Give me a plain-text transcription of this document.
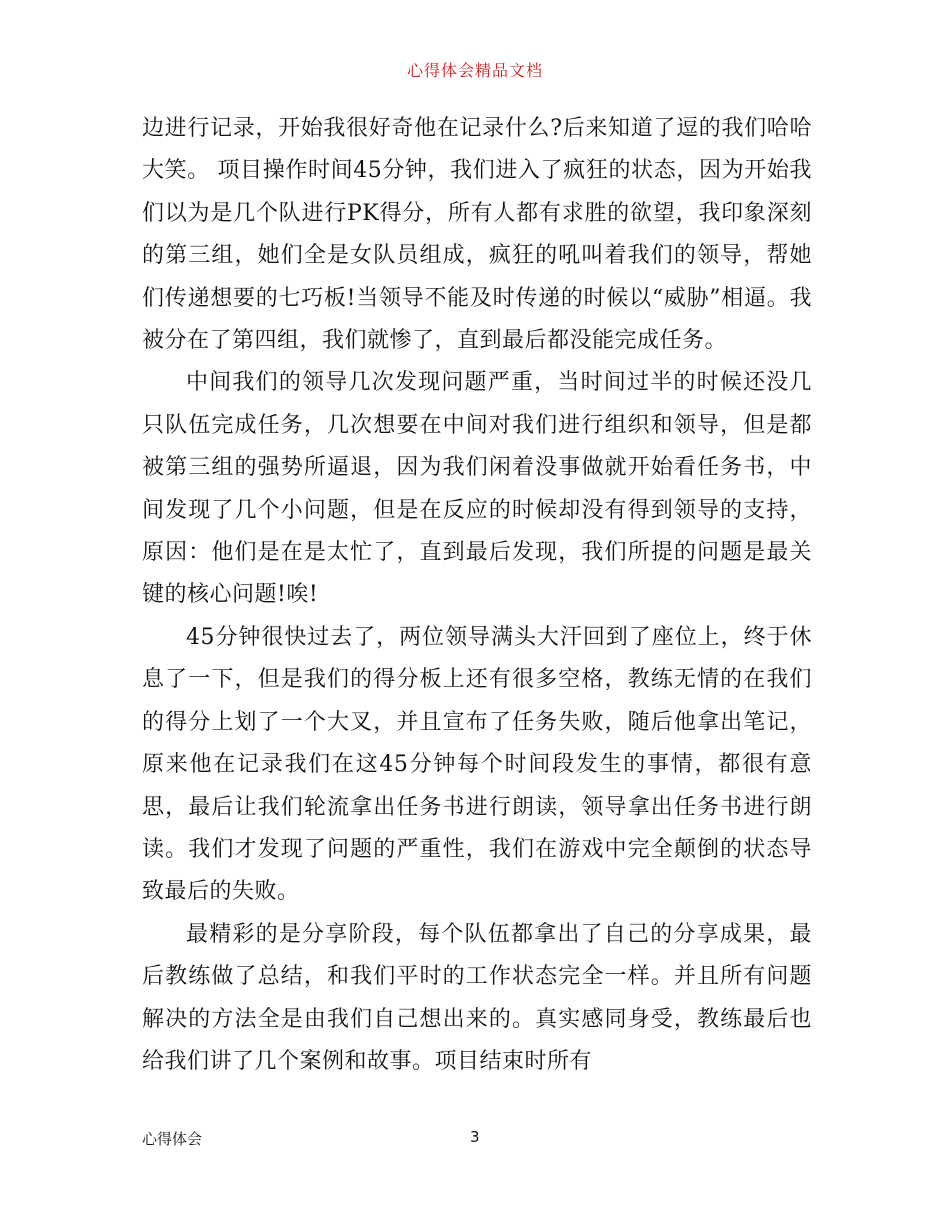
心得体会精品文档

边进行记录，开始我很好奇他在记录什么?后来知道了逗的我们哈哈大笑。 项目操作时间45分钟，我们进入了疯狂的状态，因为开始我们以为是几个队进行PK得分，所有人都有求胜的欲望，我印象深刻的第三组，她们全是女队员组成，疯狂的吼叫着我们的领导，帮她们传递想要的七巧板!当领导不能及时传递的时候以“威胁”相逼。我被分在了第四组，我们就惨了，直到最后都没能完成任务。

中间我们的领导几次发现问题严重，当时间过半的时候还没几只队伍完成任务，几次想要在中间对我们进行组织和领导，但是都被第三组的强势所逼退，因为我们闲着没事做就开始看任务书，中间发现了几个小问题，但是在反应的时候却没有得到领导的支持，原因：他们是在是太忙了，直到最后发现，我们所提的问题是最关键的核心问题!唉!

45分钟很快过去了，两位领导满头大汗回到了座位上，终于休息了一下，但是我们的得分板上还有很多空格，教练无情的在我们的得分上划了一个大叉，并且宣布了任务失败，随后他拿出笔记，原来他在记录我们在这45分钟每个时间段发生的事情，都很有意思，最后让我们轮流拿出任务书进行朗读，领导拿出任务书进行朗读。我们才发现了问题的严重性，我们在游戏中完全颠倒的状态导致最后的失败。

最精彩的是分享阶段，每个队伍都拿出了自己的分享成果，最后教练做了总结，和我们平时的工作状态完全一样。并且所有问题解决的方法全是由我们自己想出来的。真实感同身受，教练最后也给我们讲了几个案例和故事。项目结束时所有

心得体会	3
